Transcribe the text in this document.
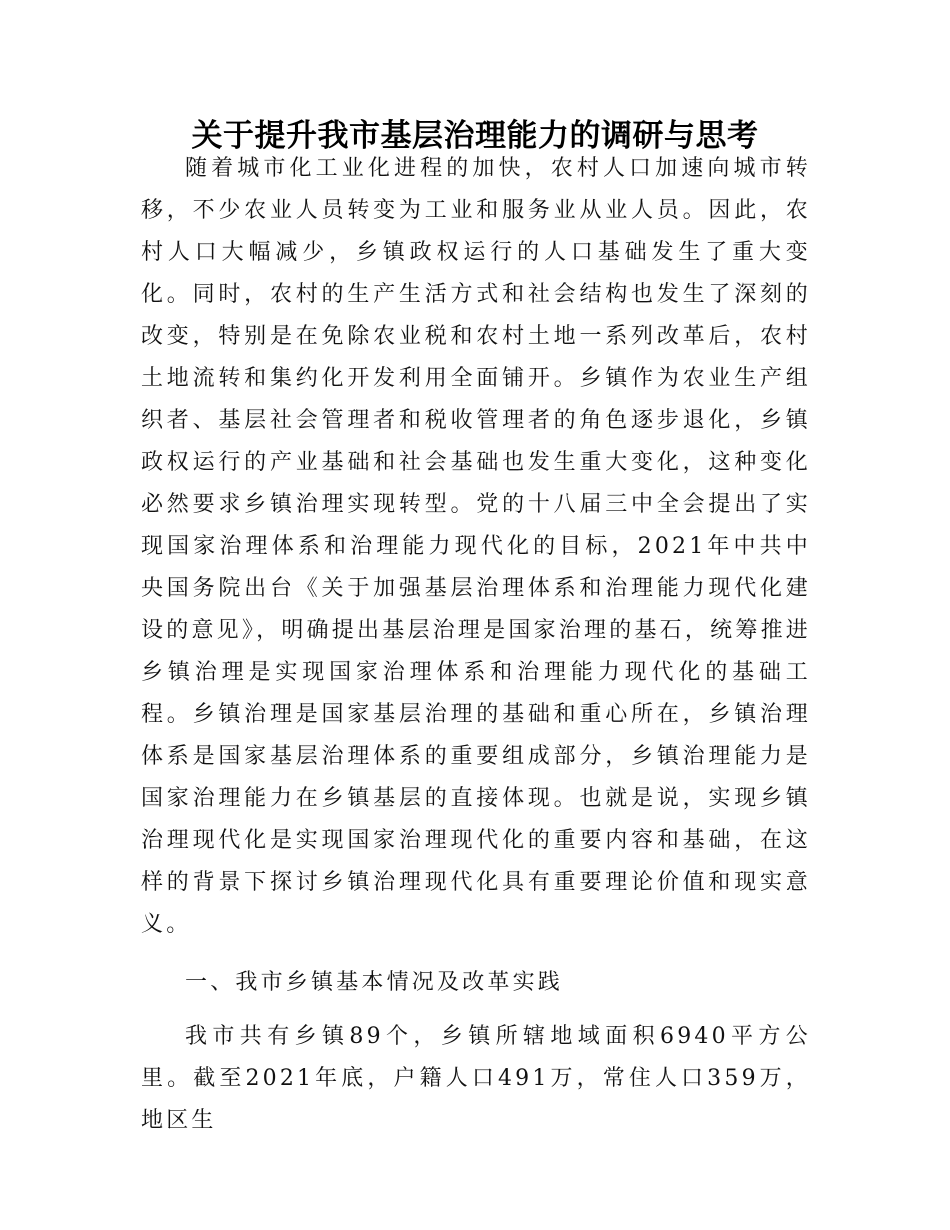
关于提升我市基层治理能力的调研与思考

随着城市化工业化进程的加快，农村人口加速向城市转移，不少农业人员转变为工业和服务业从业人员。因此，农村人口大幅减少，乡镇政权运行的人口基础发生了重大变化。同时，农村的生产生活方式和社会结构也发生了深刻的改变，特别是在免除农业税和农村土地一系列改革后，农村土地流转和集约化开发利用全面铺开。乡镇作为农业生产组织者、基层社会管理者和税收管理者的角色逐步退化，乡镇政权运行的产业基础和社会基础也发生重大变化，这种变化必然要求乡镇治理实现转型。党的十八届三中全会提出了实现国家治理体系和治理能力现代化的目标，2021年中共中央国务院出台《关于加强基层治理体系和治理能力现代化建设的意见》，明确提出基层治理是国家治理的基石，统筹推进乡镇治理是实现国家治理体系和治理能力现代化的基础工程。乡镇治理是国家基层治理的基础和重心所在，乡镇治理体系是国家基层治理体系的重要组成部分，乡镇治理能力是国家治理能力在乡镇基层的直接体现。也就是说，实现乡镇治理现代化是实现国家治理现代化的重要内容和基础，在这样的背景下探讨乡镇治理现代化具有重要理论价值和现实意义。

一、我市乡镇基本情况及改革实践

我市共有乡镇89个，乡镇所辖地域面积6940平方公里。截至2021年底，户籍人口491万，常住人口359万，地区生
